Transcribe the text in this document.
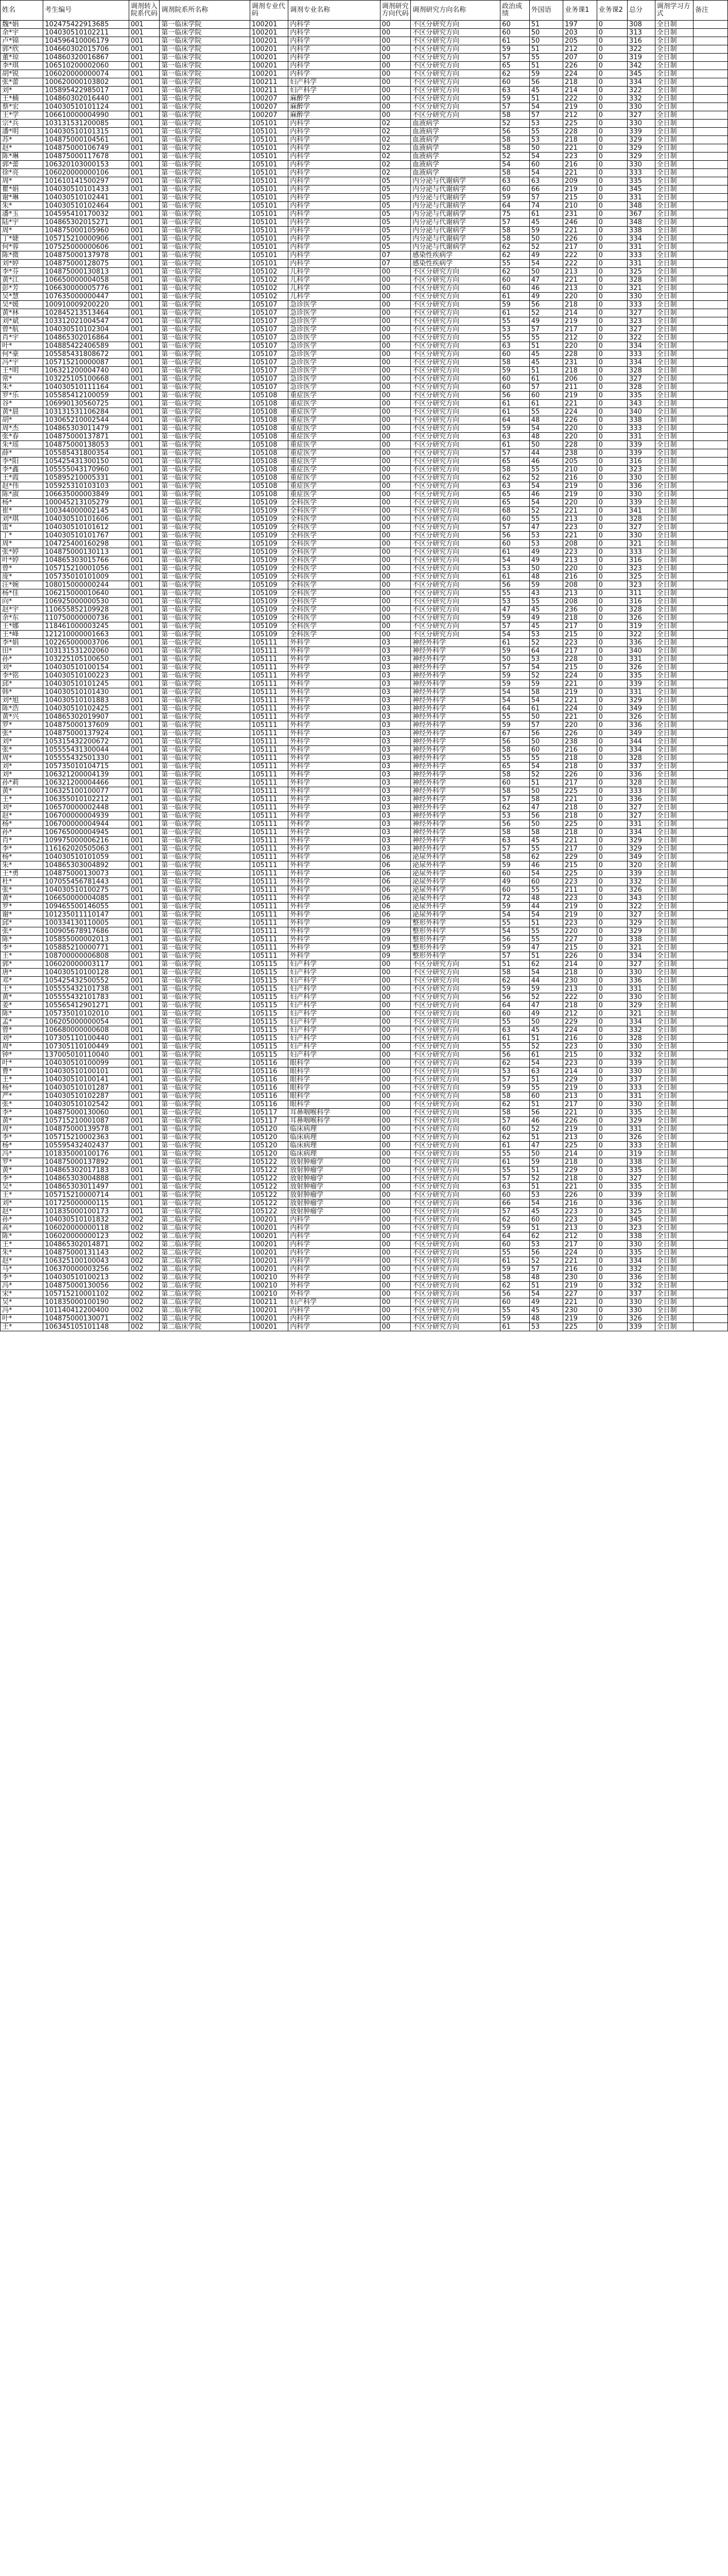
姓名	考生编号	调剂转入院系代码	调剂院系所名称	调剂专业代码	调剂专业名称	调剂研究方向代码	调剂研究方向名称	政治成绩	外国语	业务课1	业务课2	总分	调剂学习方式	备注
魏*娟	102475422913685	001	第一临床学院	100201	内科学	00	不区分研究方向	60	51	197	0	308	全日制	
余*宇	104030510102211	001	第一临床学院	100201	内科学	00	不区分研究方向	60	50	203	0	313	全日制	
卢*锦	104596410006179	001	第一临床学院	100201	内科学	00	不区分研究方向	61	50	205	0	316	全日制	
郭*欣	104660302015706	001	第一临床学院	100201	内科学	00	不区分研究方向	59	51	212	0	322	全日制	
董*琼	104860320016867	001	第一临床学院	100201	内科学	00	不区分研究方向	57	55	207	0	319	全日制	
李*琪	106510200002060	001	第一临床学院	100201	内科学	00	不区分研究方向	65	51	226	0	342	全日制	
胡*锐	106020000000074	001	第一临床学院	100201	内科学	00	不区分研究方向	62	59	224	0	345	全日制	
张*蕾	100620000103802	001	第一临床学院	100211	妇产科学	00	不区分研究方向	60	56	218	0	334	全日制	
刘*	105895422985017	001	第一临床学院	100211	妇产科学	00	不区分研究方向	63	45	214	0	322	全日制	
王*楠	104860302016440	001	第一临床学院	100207	麻醉学	00	不区分研究方向	59	51	222	0	332	全日制	
蔡*宏	104030510101124	001	第一临床学院	100207	麻醉学	00	不区分研究方向	57	54	219	0	330	全日制	
王*学	106610000004990	001	第一临床学院	100207	麻醉学	00	不区分研究方向	58	57	212	0	327	全日制	
宗*兵	103131531200085	001	第一临床学院	105101	内科学	02	血液病学	52	53	225	0	330	全日制	
潘*明	104030510101315	001	第一临床学院	105101	内科学	02	血液病学	56	55	228	0	339	全日制	
苏*	104875000104561	001	第一临床学院	105101	内科学	02	血液病学	58	53	218	0	329	全日制	
赵*	104875000106749	001	第一临床学院	105101	内科学	02	血液病学	58	50	221	0	329	全日制	
陈*琳	104875000117678	001	第一临床学院	105101	内科学	02	血液病学	52	54	223	0	329	全日制	
郭*蕾	106320103000153	001	第一临床学院	105101	内科学	02	血液病学	54	60	216	0	330	全日制	
徐*亮	106020000000106	001	第一临床学院	105101	内科学	02	血液病学	58	54	221	0	333	全日制	
周*	101610141500297	001	第一临床学院	105101	内科学	05	内分泌与代谢病学	63	63	209	0	335	全日制	
瞿*娟	104030510101433	001	第一临床学院	105101	内科学	05	内分泌与代谢病学	60	66	219	0	345	全日制	
谢*琳	104030510102441	001	第一临床学院	105101	内科学	05	内分泌与代谢病学	59	57	215	0	331	全日制	
朱*	104030510102464	001	第一临床学院	105101	内科学	05	内分泌与代谢病学	64	74	210	0	348	全日制	
潘*玉	104595410170032	001	第一临床学院	105101	内科学	05	内分泌与代谢病学	75	61	231	0	367	全日制	
陆*宇	104865302015271	001	第一临床学院	105101	内科学	05	内分泌与代谢病学	57	45	246	0	348	全日制	
周*	104875000105960	001	第一临床学院	105101	内科学	05	内分泌与代谢病学	58	59	221	0	338	全日制	
丁*婕	105715210000906	001	第一临床学院	105101	内科学	05	内分泌与代谢病学	58	50	226	0	334	全日制	
何*蓉	107525000000606	001	第一临床学院	105101	内科学	05	内分泌与代谢病学	62	52	217	0	331	全日制	
陈*微	104875000137978	001	第一临床学院	105101	内科学	07	感染性疾病学	62	49	222	0	333	全日制	
刘*婷	104875000128075	001	第一临床学院	105101	内科学	07	感染性疾病学	55	54	222	0	331	全日制	
李*芬	104875000130813	001	第一临床学院	105102	儿科学	00	不区分研究方向	62	50	213	0	325	全日制	
黄*江	106650000004058	001	第一临床学院	105102	儿科学	00	不区分研究方向	60	47	221	0	328	全日制	
彭*芳	106630000005776	001	第一临床学院	105102	儿科学	00	不区分研究方向	60	46	213	0	321	全日制	
吴*慧	107635000000447	001	第一临床学院	105102	儿科学	00	不区分研究方向	61	49	220	0	330	全日制	
吴*媛	100910009200220	001	第一临床学院	105107	急诊医学	00	不区分研究方向	59	56	218	0	333	全日制	
黄*林	102845213513464	001	第一临床学院	105107	急诊医学	00	不区分研究方向	61	52	214	0	327	全日制	
刘*斌	103312021004547	001	第一临床学院	105107	急诊医学	00	不区分研究方向	55	49	219	0	323	全日制	
曾*航	104030510102304	001	第一临床学院	105107	急诊医学	00	不区分研究方向	53	57	217	0	327	全日制	
肖*宇	104865302016864	001	第一临床学院	105107	急诊医学	00	不区分研究方向	55	55	212	0	322	全日制	
叶*	104885422406589	001	第一临床学院	105107	急诊医学	00	不区分研究方向	63	51	220	0	334	全日制	
何*豪	105585431808672	001	第一临床学院	105107	急诊医学	00	不区分研究方向	60	45	228	0	333	全日制	
冯*宇	105715210000087	001	第一临床学院	105107	急诊医学	00	不区分研究方向	58	45	231	0	334	全日制	
王*明	106321200004740	001	第一临床学院	105107	急诊医学	00	不区分研究方向	59	51	218	0	328	全日制	
常*	103225105100668	001	第一临床学院	105107	急诊医学	00	不区分研究方向	60	61	206	0	327	全日制	
朱*	104030510111164	001	第一临床学院	105107	急诊医学	00	不区分研究方向	60	57	211	0	328	全日制	
罗*乐	105585412100059	001	第一临床学院	105108	重症医学	00	不区分研究方向	56	60	219	0	335	全日制	
谷*	106990130560725	001	第一临床学院	105108	重症医学	00	不区分研究方向	61	61	221	0	343	全日制	
黄*晨	103131531106284	001	第一临床学院	105108	重症医学	00	不区分研究方向	61	55	224	0	340	全日制	
胡*	103065210002544	001	第一临床学院	105108	重症医学	00	不区分研究方向	64	48	226	0	338	全日制	
周*杰	104865303011479	001	第一临床学院	105108	重症医学	00	不区分研究方向	59	54	220	0	333	全日制	
张*春	104875000137871	001	第一临床学院	105108	重症医学	00	不区分研究方向	63	48	220	0	331	全日制	
朱*瑶	104875000138053	001	第一临床学院	105108	重症医学	00	不区分研究方向	61	50	228	0	339	全日制	
薛*	105585431800354	001	第一临床学院	105108	重症医学	00	不区分研究方向	57	44	238	0	339	全日制	
李*阳	105425431300150	001	第一临床学院	105108	重症医学	00	不区分研究方向	65	46	205	0	316	全日制	
李*鑫	105555043170960	001	第一临床学院	105108	重症医学	00	不区分研究方向	58	55	210	0	323	全日制	
王*霞	105895210005331	001	第一临床学院	105108	重症医学	00	不区分研究方向	62	52	216	0	330	全日制	
赵*伟	105925310103103	001	第一临床学院	105108	重症医学	00	不区分研究方向	63	54	219	0	336	全日制	
陈*淑	106635000003849	001	第一临床学院	105108	重症医学	00	不区分研究方向	65	46	219	0	330	全日制	
杨*	100045213105279	001	第一临床学院	105109	全科医学	00	不区分研究方向	65	54	220	0	339	全日制	
崔*	100344000002145	001	第一临床学院	105109	全科医学	00	不区分研究方向	68	52	221	0	341	全日制	
刘*琪	104030510101606	001	第一临床学院	105109	全科医学	00	不区分研究方向	60	55	213	0	328	全日制	
雷*	104030510101612	001	第一临床学院	105109	全科医学	00	不区分研究方向	57	47	223	0	327	全日制	
丁*	104030510101767	001	第一临床学院	105109	全科医学	00	不区分研究方向	56	53	221	0	330	全日制	
周*	104725400160298	001	第一临床学院	105109	全科医学	00	不区分研究方向	60	53	208	0	321	全日制	
张*婷	104875000130113	001	第一临床学院	105109	全科医学	00	不区分研究方向	61	49	223	0	333	全日制	
叶*婷	104865303015766	001	第一临床学院	105109	全科医学	00	不区分研究方向	54	49	213	0	316	全日制	
曾*	105715210001056	001	第一临床学院	105109	全科医学	00	不区分研究方向	53	50	220	0	323	全日制	
庞*	105735010101009	001	第一临床学院	105109	全科医学	00	不区分研究方向	61	48	216	0	325	全日制	
汪*婉	108015000000244	001	第一临床学院	105109	全科医学	00	不区分研究方向	56	59	208	0	323	全日制	
杨*佳	106215000010640	001	第一临床学院	105109	全科医学	00	不区分研究方向	55	43	213	0	311	全日制	
向*	106925000000530	001	第一临床学院	105109	全科医学	00	不区分研究方向	53	55	208	0	316	全日制	
赵*宇	110655852109928	001	第一临床学院	105109	全科医学	00	不区分研究方向	47	45	236	0	328	全日制	
余*东	110750000000736	001	第一临床学院	105109	全科医学	00	不区分研究方向	59	49	218	0	326	全日制	
王*娜	118461000003245	001	第一临床学院	105109	全科医学	00	不区分研究方向	57	45	217	0	319	全日制	
王*峰	121210000001663	001	第一临床学院	105109	全科医学	00	不区分研究方向	54	53	215	0	322	全日制	
李*娟	102265000003706	001	第一临床学院	105111	外科学	03	神经外科学	61	52	223	0	336	全日制	
田*	103131531202060	001	第一临床学院	105111	外科学	03	神经外科学	59	64	217	0	340	全日制	
孙*	103225105100650	001	第一临床学院	105111	外科学	03	神经外科学	50	53	228	0	331	全日制	
刘*	104030510100154	001	第一临床学院	105111	外科学	03	神经外科学	57	54	215	0	326	全日制	
李*铭	104030510100223	001	第一临床学院	105111	外科学	03	神经外科学	59	52	224	0	335	全日制	
邱*	104030510101245	001	第一临床学院	105111	外科学	03	神经外科学	59	59	221	0	339	全日制	
韩*	104030510101430	001	第一临床学院	105111	外科学	03	神经外科学	54	58	219	0	331	全日制	
刘*旭	104030510101883	001	第一临床学院	105111	外科学	03	神经外科学	54	54	221	0	329	全日制	
陈*浩	104030510102425	001	第一临床学院	105111	外科学	03	神经外科学	64	61	224	0	349	全日制	
黄*兴	104865302019907	001	第一临床学院	105111	外科学	03	神经外科学	55	50	221	0	326	全日制	
罗*	104875000137609	001	第一临床学院	105111	外科学	03	神经外科学	59	57	220	0	336	全日制	
张*	104875000137924	001	第一临床学院	105111	外科学	03	神经外科学	67	56	226	0	349	全日制	
刘*	105315432200672	001	第一临床学院	105111	外科学	03	神经外科学	56	50	238	0	344	全日制	
张*	105555431300044	001	第一临床学院	105111	外科学	03	神经外科学	58	60	216	0	334	全日制	
周*	105555432501330	001	第一临床学院	105111	外科学	03	神经外科学	55	55	218	0	328	全日制	
刘*	105735010104715	001	第一临床学院	105111	外科学	03	神经外科学	65	54	218	0	337	全日制	
刘*	106321200004139	001	第一临床学院	105111	外科学	03	神经外科学	58	52	226	0	336	全日制	
孙*莉	106321200004466	001	第一临床学院	105111	外科学	03	神经外科学	60	51	217	0	328	全日制	
黄*	106325100100077	001	第一临床学院	105111	外科学	03	神经外科学	58	50	225	0	333	全日制	
王*	106355010102212	001	第一临床学院	105111	外科学	03	神经外科学	57	58	221	0	336	全日制	
刘*	106570000002448	001	第一临床学院	105111	外科学	03	神经外科学	62	47	218	0	327	全日制	
赵*	106700000004939	001	第一临床学院	105111	外科学	03	神经外科学	53	56	218	0	327	全日制	
杨*	106700000004944	001	第一临床学院	105111	外科学	03	神经外科学	56	50	225	0	331	全日制	
孙*	106765000004945	001	第一临床学院	105111	外科学	03	神经外科学	58	58	218	0	334	全日制	
肖*	109975000006216	001	第一临床学院	105111	外科学	03	神经外科学	63	45	221	0	329	全日制	
李*	116162020505063	001	第一临床学院	105111	外科学	03	神经外科学	57	55	217	0	329	全日制	
杨*	104030510101059	001	第一临床学院	105111	外科学	06	泌尿外科学	58	62	229	0	349	全日制	
朱*	104865303004892	001	第一临床学院	105111	外科学	06	泌尿外科学	59	46	215	0	320	全日制	
王*勇	104875000130073	001	第一临床学院	105111	外科学	06	泌尿外科学	60	54	225	0	339	全日制	
杜*	107055456781443	001	第一临床学院	105111	外科学	06	泌尿外科学	49	60	223	0	332	全日制	
张*	104030510100275	001	第一临床学院	105111	外科学	06	泌尿外科学	60	55	211	0	326	全日制	
黄*	106650000004085	001	第一临床学院	105111	外科学	06	泌尿外科学	72	48	223	0	343	全日制	
罗*	109465500146055	001	第一临床学院	105111	外科学	06	泌尿外科学	59	44	219	0	322	全日制	
谢*	101235011110147	001	第一临床学院	105111	外科学	06	泌尿外科学	54	54	219	0	327	全日制	
邱*	100334130110005	001	第一临床学院	105111	外科学	09	整形外科学	55	51	223	0	329	全日制	
张*	100905678917686	001	第一临床学院	105111	外科学	09	整形外科学	54	55	220	0	329	全日制	
陈*	105855000002013	001	第一临床学院	105111	外科学	09	整形外科学	56	55	227	0	338	全日制	
李*	105885210000771	001	第一临床学院	105111	外科学	09	整形外科学	59	47	215	0	321	全日制	
王*	108700000006808	001	第一临床学院	105111	外科学	09	整形外科学	57	51	226	0	334	全日制	
郭*	106020000003117	001	第一临床学院	105115	妇产科学	00	不区分研究方向	51	62	214	0	327	全日制	
唐*	104030510100128	001	第一临床学院	105115	妇产科学	00	不区分研究方向	58	54	218	0	330	全日制	
邓*	105425432500552	001	第一临床学院	105115	妇产科学	00	不区分研究方向	62	44	230	0	336	全日制	
王*	105555432101738	001	第一临床学院	105115	妇产科学	00	不区分研究方向	59	59	213	0	331	全日制	
黄*	105555432101783	001	第一临床学院	105115	妇产科学	00	不区分研究方向	56	52	222	0	330	全日制	
姜*	105565412901271	001	第一临床学院	105115	妇产科学	00	不区分研究方向	64	47	218	0	329	全日制	
陈*	105735010102010	001	第一临床学院	105115	妇产科学	00	不区分研究方向	60	49	212	0	321	全日制	
孟*	106205000000054	001	第一临床学院	105115	妇产科学	00	不区分研究方向	55	50	229	0	334	全日制	
曾*	106680000000608	001	第一临床学院	105115	妇产科学	00	不区分研究方向	63	45	224	0	332	全日制	
刘*	107305110100440	001	第一临床学院	105115	妇产科学	00	不区分研究方向	61	51	216	0	328	全日制	
周*	107305110100449	001	第一临床学院	105115	妇产科学	00	不区分研究方向	55	52	223	0	330	全日制	
钟*	137005010110040	001	第一临床学院	105115	妇产科学	00	不区分研究方向	56	61	215	0	332	全日制	
叶*	104030510100099	001	第一临床学院	105116	眼科学	00	不区分研究方向	62	54	223	0	339	全日制	
曹*	104030510100101	001	第一临床学院	105116	眼科学	00	不区分研究方向	53	63	214	0	330	全日制	
王*	104030510100141	001	第一临床学院	105116	眼科学	00	不区分研究方向	57	51	229	0	337	全日制	
杨*	104030510101287	001	第一临床学院	105116	眼科学	00	不区分研究方向	59	55	219	0	333	全日制	
严*	104030510102287	001	第一临床学院	105116	眼科学	00	不区分研究方向	58	60	213	0	331	全日制	
张*	104030510102542	001	第一临床学院	105116	眼科学	00	不区分研究方向	62	51	217	0	330	全日制	
李*	104875000130060	001	第一临床学院	105117	耳鼻咽喉科学	00	不区分研究方向	58	56	221	0	335	全日制	
黄*	105715210001087	001	第一临床学院	105117	耳鼻咽喉科学	00	不区分研究方向	57	46	226	0	329	全日制	
周*	104875000139578	001	第一临床学院	105120	临床病理	00	不区分研究方向	60	52	219	0	331	全日制	
李*	105715210002363	001	第一临床学院	105120	临床病理	00	不区分研究方向	62	51	213	0	326	全日制	
杨*	105595432402437	001	第一临床学院	105120	临床病理	00	不区分研究方向	61	47	225	0	333	全日制	
冯*	101835000100176	001	第一临床学院	105120	临床病理	00	不区分研究方向	55	50	214	0	319	全日制	
罗*	104875000137892	001	第一临床学院	105122	放射肿瘤学	00	不区分研究方向	61	59	218	0	338	全日制	
黄*	104865302017183	001	第一临床学院	105122	放射肿瘤学	00	不区分研究方向	55	51	229	0	335	全日制	
李*	104865303004888	001	第一临床学院	105122	放射肿瘤学	00	不区分研究方向	57	52	218	0	327	全日制	
吴*	104865303011497	001	第一临床学院	105122	放射肿瘤学	00	不区分研究方向	63	51	221	0	335	全日制	
王*	105715210000714	001	第一临床学院	105122	放射肿瘤学	00	不区分研究方向	60	53	226	0	339	全日制	
刘*	101725000000115	001	第一临床学院	105122	放射肿瘤学	00	不区分研究方向	66	54	216	0	336	全日制	
赵*	101835000100173	001	第一临床学院	105122	放射肿瘤学	00	不区分研究方向	57	45	223	0	325	全日制	
孙*	104030510101832	002	第二临床学院	100201	内科学	00	不区分研究方向	62	60	223	0	345	全日制	
高*	106020000000118	002	第二临床学院	100201	内科学	00	不区分研究方向	59	51	213	0	323	全日制	
陈*	106020000000123	002	第二临床学院	100201	内科学	00	不区分研究方向	64	62	212	0	338	全日制	
王*	104865302014871	002	第二临床学院	100201	内科学	00	不区分研究方向	60	53	217	0	330	全日制	
朱*	104875000131143	002	第二临床学院	100201	内科学	00	不区分研究方向	55	56	224	0	335	全日制	
赵*	106325100100043	002	第二临床学院	100201	内科学	00	不区分研究方向	61	52	221	0	334	全日制	
马*	106370000003256	002	第二临床学院	100201	内科学	00	不区分研究方向	59	57	216	0	332	全日制	
李*	104030510100213	002	第二临床学院	100210	外科学	00	不区分研究方向	58	48	230	0	336	全日制	
冯*	104875000130056	002	第二临床学院	100210	外科学	00	不区分研究方向	62	51	219	0	332	全日制	
宋*	105715210001102	002	第二临床学院	100210	外科学	00	不区分研究方向	56	54	227	0	337	全日制	
吴*	101835000100190	002	第二临床学院	100211	妇产科学	00	不区分研究方向	60	49	221	0	330	全日制	
冯*	101140412200400	002	第二临床学院	100201	内科学	00	不区分研究方向	55	45	230	0	330	全日制	
叶*	104875000130071	002	第二临床学院	100201	内科学	00	不区分研究方向	59	48	219	0	326	全日制	
王*	106345105101148	002	第二临床学院	100201	内科学	00	不区分研究方向	61	53	225	0	339	全日制	
